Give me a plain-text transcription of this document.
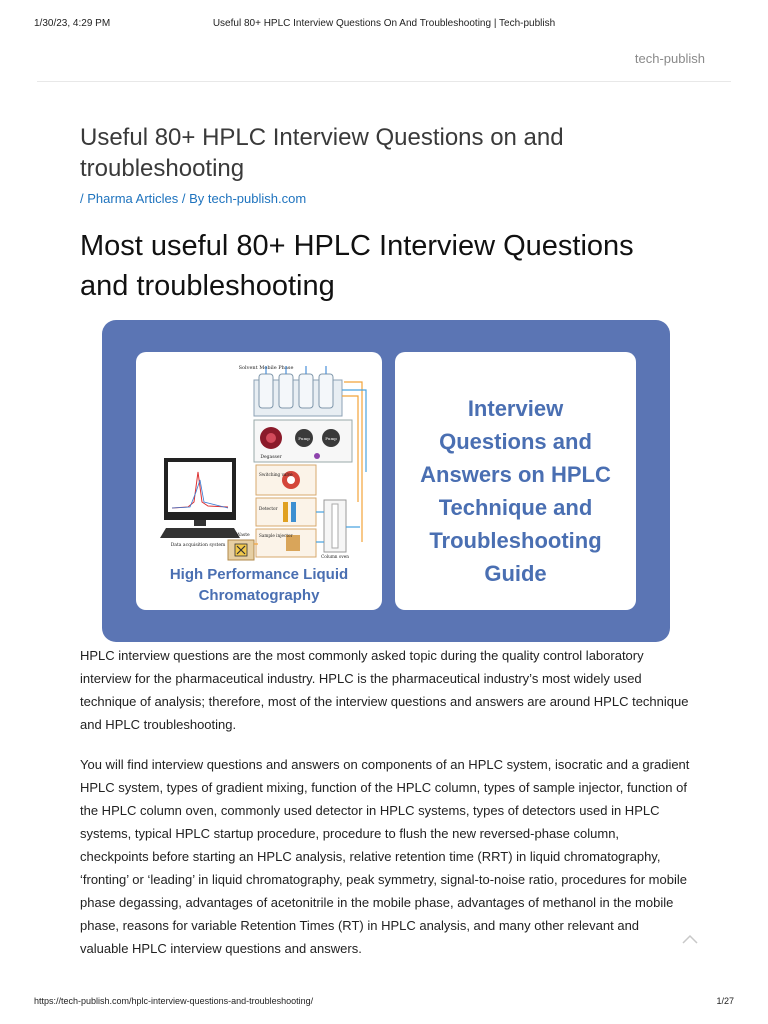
1/30/23, 4:29 PM	Useful 80+ HPLC Interview Questions On And Troubleshooting | Tech-publish
tech-publish
Useful 80+ HPLC Interview Questions on and troubleshooting
/ Pharma Articles / By tech-publish.com
Most useful 80+ HPLC Interview Questions and troubleshooting
Solvent Mobile Phase
Degasser
Pump	Pump
Switching valve
Detector
Sample injector
Column oven
Data acquisition system
Waste
High Performance Liquid
Chromatography
Interview
Questions and
Answers on HPLC
Technique and
Troubleshooting
Guide

HPLC interview questions are the most commonly asked topic during the quality control laboratory interview for the pharmaceutical industry. HPLC is the pharmaceutical industry’s most widely used technique of analysis; therefore, most of the interview questions and answers are around HPLC technique and HPLC troubleshooting.

You will find interview questions and answers on components of an HPLC system, isocratic and a gradient HPLC system, types of gradient mixing, function of the HPLC column, types of sample injector, function of the HPLC column oven, commonly used detector in HPLC systems, types of detectors used in HPLC systems, typical HPLC startup procedure, procedure to flush the new reversed-phase column, checkpoints before starting an HPLC analysis, relative retention time (RRT) in liquid chromatography, ‘fronting’ or ‘leading’ in liquid chromatography, peak symmetry, signal-to-noise ratio, procedures for mobile phase degassing, advantages of acetonitrile in the mobile phase, advantages of methanol in the mobile phase, reasons for variable Retention Times (RT) in HPLC analysis, and many other relevant and valuable HPLC interview questions and answers.

https://tech-publish.com/hplc-interview-questions-and-troubleshooting/	1/27
